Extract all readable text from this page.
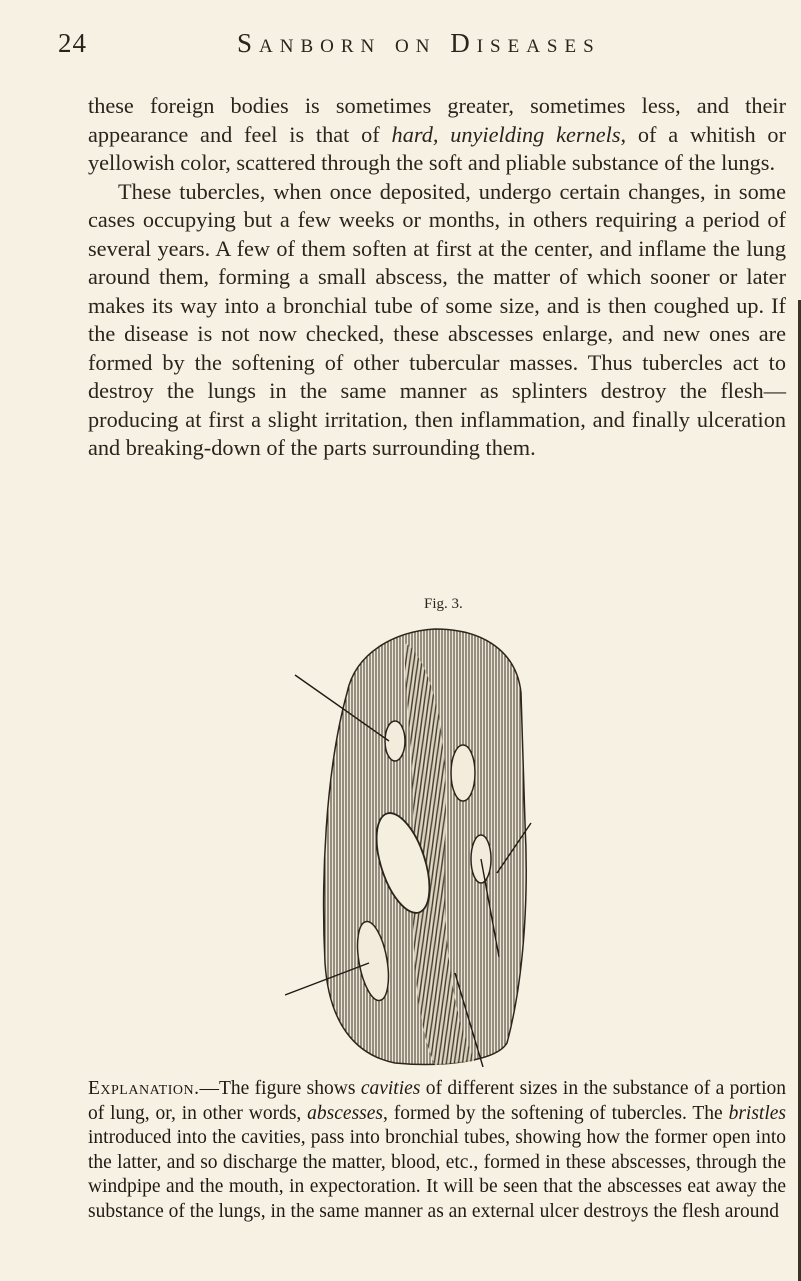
24	Sanborn on Diseases

these foreign bodies is sometimes greater, sometimes less, and their appearance and feel is that of hard, unyielding kernels, of a whitish or yellowish color, scattered through the soft and pliable substance of the lungs.

These tubercles, when once deposited, undergo certain changes, in some cases occupying but a few weeks or months, in others requiring a period of several years. A few of them soften at first at the center, and inflame the lung around them, forming a small abscess, the matter of which sooner or later makes its way into a bronchial tube of some size, and is then coughed up. If the disease is not now checked, these abscesses enlarge, and new ones are formed by the softening of other tubercular masses. Thus tubercles act to destroy the lungs in the same manner as splinters destroy the flesh—producing at first a slight irritation, then inflammation, and finally ulceration and breaking-down of the parts surrounding them.

Fig. 3.
Explanation.—The figure shows cavities of different sizes in the substance of a portion of lung, or, in other words, abscesses, formed by the softening of tubercles. The bristles introduced into the cavities, pass into bronchial tubes, showing how the former open into the latter, and so discharge the matter, blood, etc., formed in these abscesses, through the windpipe and the mouth, in expectoration. It will be seen that the abscesses eat away the substance of the lungs, in the same manner as an external ulcer destroys the flesh around
